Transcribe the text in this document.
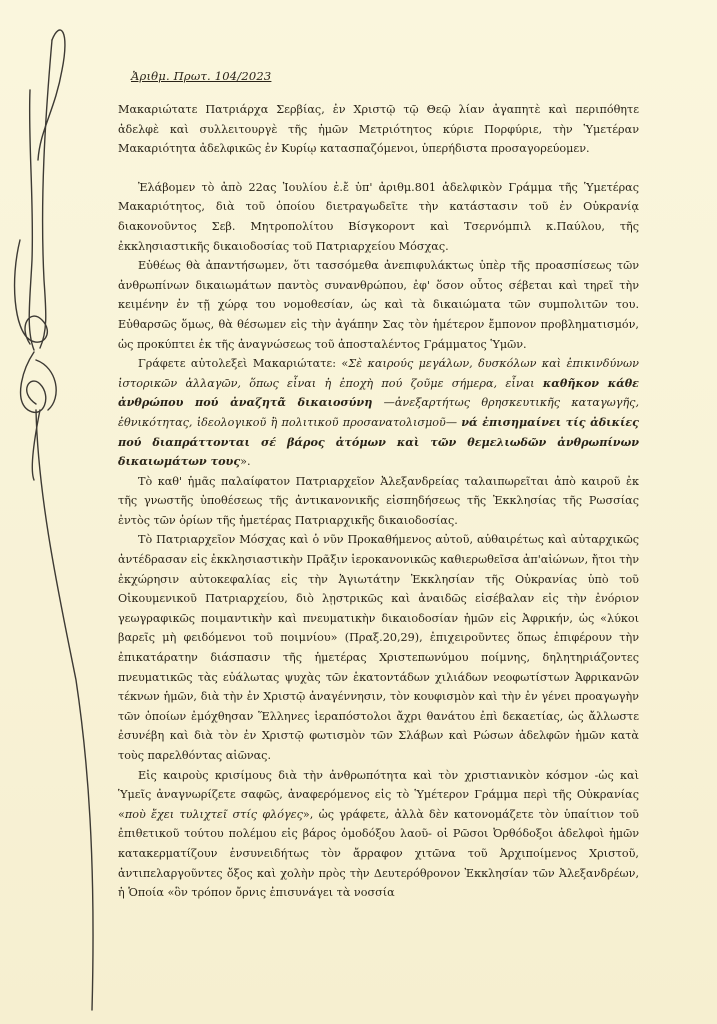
Ἀριθμ. Πρωτ. 104/2023

Μακαριώτατε Πατριάρχα Σερβίας, ἐν Χριστῷ τῷ Θεῷ λίαν ἀγαπητὲ καὶ περιπόθητε ἀδελφὲ καὶ συλλειτουργὲ τῆς ἡμῶν Μετριότητος κύριε Πορφύριε, τὴν Ὑμετέραν Μακαριότητα ἀδελφικῶς ἐν Κυρίῳ κατασπαζόμενοι, ὑπερήδιστα προσαγορεύομεν.

Ἐλάβομεν τὸ ἀπὸ 22ας Ἰουλίου ἐ.ἔ ὑπ' ἀριθμ.801 ἀδελφικὸν Γράμμα τῆς Ὑμετέρας Μακαριότητος, διὰ τοῦ ὁποίου διετραγωδεῖτε τὴν κατάστασιν τοῦ ἐν Οὐκρανίᾳ διακονοῦντος Σεβ. Μητροπολίτου Βίσγκοροντ καὶ Τσερνόμπιλ κ.Παύλου, τῆς ἐκκλησιαστικῆς δικαιοδοσίας τοῦ Πατριαρχείου Μόσχας.

Εὐθέως θὰ ἀπαντήσωμεν, ὅτι τασσόμεθα ἀνεπιφυλάκτως ὑπὲρ τῆς προασπίσεως τῶν ἀνθρωπίνων δικαιωμάτων παντὸς συνανθρώπου, ἐφ' ὅσον οὗτος σέβεται καὶ τηρεῖ τὴν κειμένην ἐν τῇ χώρᾳ του νομοθεσίαν, ὡς καὶ τὰ δικαιώματα τῶν συμπολιτῶν του. Εὐθαρσῶς ὅμως, θὰ θέσωμεν εἰς τὴν ἀγάπην Σας τὸν ἡμέτερον ἔμπονον προβληματισμόν, ὡς προκύπτει ἐκ τῆς ἀναγνώσεως τοῦ ἀποσταλέντος Γράμματος Ὑμῶν.

Γράφετε αὐτολεξεὶ Μακαριώτατε: «Σὲ καιρούς μεγάλων, δυσκόλων καὶ ἐπικινδύνων ἱστορικῶν ἀλλαγῶν, ὅπως εἶναι ἡ ἐποχὴ πού ζοῦμε σήμερα, εἶναι καθῆκον κάθε ἀνθρώπου πού ἀναζητᾶ δικαιοσύνη —ἀνεξαρτήτως θρησκευτικῆς καταγωγῆς, ἐθνικότητας, ἰδεολογικοῦ ἢ πολιτικοῦ προσανατολισμοῦ— νά ἐπισημαίνει τίς ἀδικίες πού διαπράττονται σέ βάρος ἀτόμων καὶ τῶν θεμελιωδῶν ἀνθρωπίνων δικαιωμάτων τους».

Τὸ καθ' ἡμᾶς παλαίφατον Πατριαρχεῖον Ἀλεξανδρείας ταλαιπωρεῖται ἀπὸ καιροῦ ἐκ τῆς γνωστῆς ὑποθέσεως τῆς ἀντικανονικῆς εἰσπηδήσεως τῆς Ἐκκλησίας τῆς Ρωσσίας ἐντὸς τῶν ὁρίων τῆς ἡμετέρας Πατριαρχικῆς δικαιοδοσίας.

Τὸ Πατριαρχεῖον Μόσχας καὶ ὁ νῦν Προκαθήμενος αὐτοῦ, αὐθαιρέτως καὶ αὐταρχικῶς ἀντέδρασαν εἰς ἐκκλησιαστικὴν Πρᾶξιν ἱεροκανονικῶς καθιερωθεῖσα ἀπ'αἰώνων, ἤτοι τὴν ἐκχώρησιν αὐτοκεφαλίας εἰς τὴν Ἁγιωτάτην Ἐκκλησίαν τῆς Οὐκρανίας ὑπὸ τοῦ Οἰκουμενικοῦ Πατριαρχείου, διὸ λῃστρικῶς καὶ ἀναιδῶς εἰσέβαλαν εἰς τὴν ἐνόριον γεωγραφικῶς ποιμαντικὴν καὶ πνευματικὴν δικαιοδοσίαν ἡμῶν εἰς Ἀφρικήν, ὡς «λύκοι βαρεῖς μὴ φειδόμενοι τοῦ ποιμνίου» (Πραξ.20,29), ἐπιχειροῦντες ὅπως ἐπιφέρουν τὴν ἐπικατάρατην διάσπασιν τῆς ἡμετέρας Χριστεπωνύμου ποίμνης, δηλητηριάζοντες πνευματικῶς τὰς εὐάλωτας ψυχὰς τῶν ἑκατοντάδων χιλιάδων νεοφωτίστων Ἀφρικανῶν τέκνων ἡμῶν, διὰ τὴν ἐν Χριστῷ ἀναγέννησιν, τὸν κουφισμὸν καὶ τὴν ἐν γένει προαγωγὴν τῶν ὁποίων ἐμόχθησαν Ἕλληνες ἱεραπόστολοι ἄχρι θανάτου ἐπὶ δεκαετίας, ὡς ἄλλωστε ἐσυνέβη καὶ διὰ τὸν ἐν Χριστῷ φωτισμὸν τῶν Σλάβων καὶ Ρώσων ἀδελφῶν ἡμῶν κατὰ τοὺς παρελθόντας αἰῶνας.

Εἰς καιροὺς κρισίμους διὰ τὴν ἀνθρωπότητα καὶ τὸν χριστιανικὸν κόσμον -ὡς καὶ Ὑμεῖς ἀναγνωρίζετε σαφῶς, ἀναφερόμενος εἰς τὸ Ὑμέτερον Γράμμα περὶ τῆς Οὐκρανίας «ποὺ ἔχει τυλιχτεῖ στίς φλόγες», ὡς γράφετε, ἀλλὰ δὲν κατονομάζετε τὸν ὑπαίτιον τοῦ ἐπιθετικοῦ τούτου πολέμου εἰς βάρος ὁμοδόξου λαοῦ- οἱ Ρῶσοι Ὀρθόδοξοι ἀδελφοὶ ἡμῶν κατακερματίζουν ἐνσυνειδήτως τὸν ἄρραφον χιτῶνα τοῦ Ἀρχιποίμενος Χριστοῦ, ἀντιπελαργοῦντες ὄξος καὶ χολὴν πρὸς τὴν Δευτερόθρονον Ἐκκλησίαν τῶν Ἀλεξανδρέων, ἡ Ὁποία «ὃν τρόπον ὄρνις ἐπισυνάγει τὰ νοσσία
